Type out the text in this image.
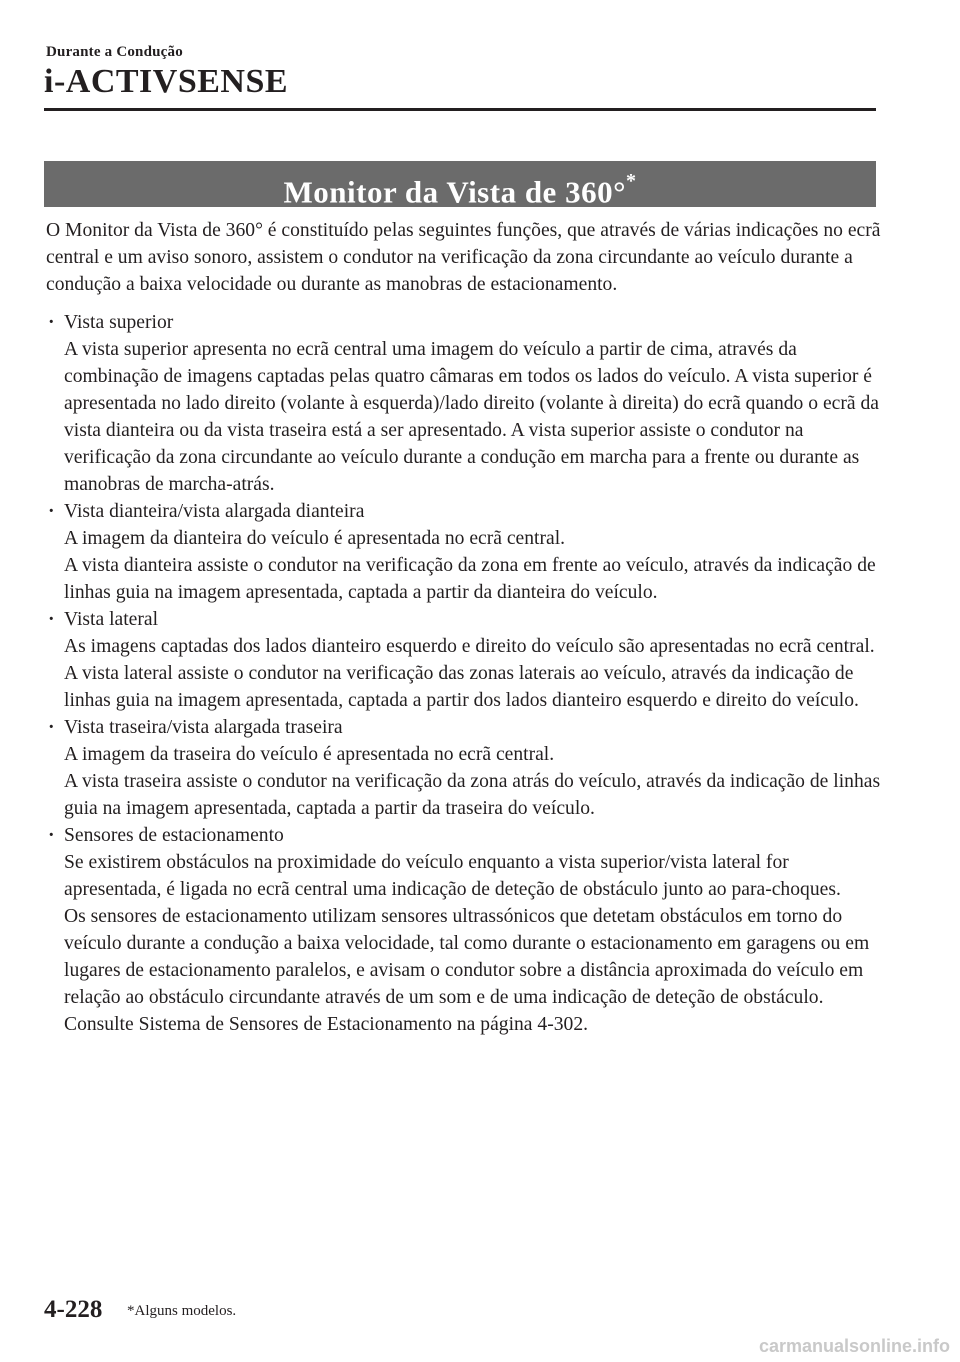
Durante a Condução
i-ACTIVSENSE
Monitor da Vista de 360°*

O Monitor da Vista de 360° é constituído pelas seguintes funções, que através de várias indicações no ecrã central e um aviso sonoro, assistem o condutor na verificação da zona circundante ao veículo durante a condução a baixa velocidade ou durante as manobras de estacionamento.

· Vista superior
A vista superior apresenta no ecrã central uma imagem do veículo a partir de cima, através da combinação de imagens captadas pelas quatro câmaras em todos os lados do veículo. A vista superior é apresentada no lado direito (volante à esquerda)/lado direito (volante à direita) do ecrã quando o ecrã da vista dianteira ou da vista traseira está a ser apresentado. A vista superior assiste o condutor na verificação da zona circundante ao veículo durante a condução em marcha para a frente ou durante as manobras de marcha-atrás.
· Vista dianteira/vista alargada dianteira
A imagem da dianteira do veículo é apresentada no ecrã central.
A vista dianteira assiste o condutor na verificação da zona em frente ao veículo, através da indicação de linhas guia na imagem apresentada, captada a partir da dianteira do veículo.
· Vista lateral
As imagens captadas dos lados dianteiro esquerdo e direito do veículo são apresentadas no ecrã central.
A vista lateral assiste o condutor na verificação das zonas laterais ao veículo, através da indicação de linhas guia na imagem apresentada, captada a partir dos lados dianteiro esquerdo e direito do veículo.
· Vista traseira/vista alargada traseira
A imagem da traseira do veículo é apresentada no ecrã central.
A vista traseira assiste o condutor na verificação da zona atrás do veículo, através da indicação de linhas guia na imagem apresentada, captada a partir da traseira do veículo.
· Sensores de estacionamento
Se existirem obstáculos na proximidade do veículo enquanto a vista superior/vista lateral for apresentada, é ligada no ecrã central uma indicação de deteção de obstáculo junto ao para-choques.
Os sensores de estacionamento utilizam sensores ultrassónicos que detetam obstáculos em torno do veículo durante a condução a baixa velocidade, tal como durante o estacionamento em garagens ou em lugares de estacionamento paralelos, e avisam o condutor sobre a distância aproximada do veículo em relação ao obstáculo circundante através de um som e de uma indicação de deteção de obstáculo.
Consulte Sistema de Sensores de Estacionamento na página 4-302.
4-228 *Alguns modelos.
carmanualsonline.info
